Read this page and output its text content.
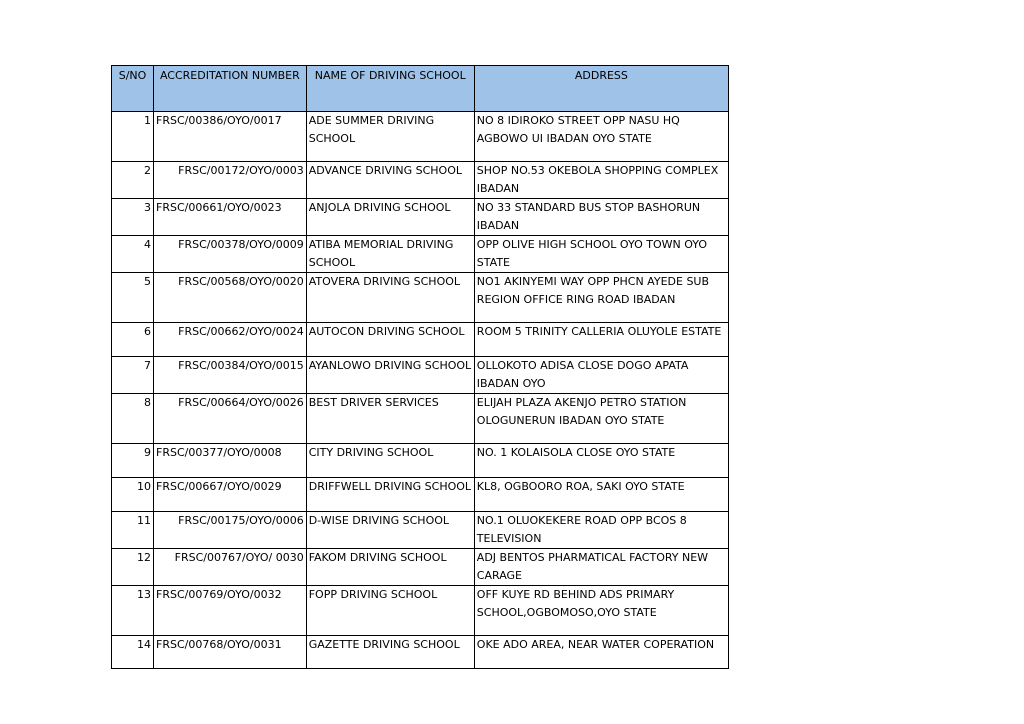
S/NO	ACCREDITATION NUMBER	NAME OF DRIVING SCHOOL	ADDRESS
1	FRSC/00386/OYO/0017	ADE SUMMER DRIVING SCHOOL	NO 8 IDIROKO STREET OPP NASU HQ AGBOWO UI IBADAN OYO STATE
2	FRSC/00172/OYO/0003	ADVANCE DRIVING SCHOOL	SHOP NO.53 OKEBOLA SHOPPING COMPLEX IBADAN
3	FRSC/00661/OYO/0023	ANJOLA DRIVING SCHOOL	NO 33 STANDARD BUS STOP BASHORUN IBADAN
4	FRSC/00378/OYO/0009	ATIBA MEMORIAL DRIVING SCHOOL	OPP OLIVE HIGH SCHOOL OYO TOWN OYO STATE
5	FRSC/00568/OYO/0020	ATOVERA DRIVING SCHOOL	NO1 AKINYEMI WAY OPP PHCN AYEDE SUB REGION OFFICE RING ROAD IBADAN
6	FRSC/00662/OYO/0024	AUTOCON DRIVING SCHOOL	ROOM 5 TRINITY CALLERIA OLUYOLE ESTATE
7	FRSC/00384/OYO/0015	AYANLOWO DRIVING SCHOOL	OLLOKOTO ADISA CLOSE DOGO APATA IBADAN OYO
8	FRSC/00664/OYO/0026	BEST DRIVER SERVICES	ELIJAH PLAZA AKENJO PETRO STATION OLOGUNERUN IBADAN OYO STATE
9	FRSC/00377/OYO/0008	CITY DRIVING SCHOOL	NO. 1 KOLAISOLA CLOSE OYO STATE
10	FRSC/00667/OYO/0029	DRIFFWELL DRIVING SCHOOL	KL8, OGBOORO ROA, SAKI OYO STATE
11	FRSC/00175/OYO/0006	D-WISE DRIVING SCHOOL	NO.1 OLUOKEKERE ROAD OPP BCOS 8 TELEVISION
12	FRSC/00767/OYO/ 0030	FAKOM DRIVING SCHOOL	ADJ BENTOS PHARMATICAL FACTORY NEW CARAGE
13	FRSC/00769/OYO/0032	FOPP DRIVING SCHOOL	OFF KUYE RD BEHIND ADS PRIMARY SCHOOL,OGBOMOSO,OYO STATE
14	FRSC/00768/OYO/0031	GAZETTE DRIVING SCHOOL	OKE ADO AREA, NEAR WATER COPERATION
